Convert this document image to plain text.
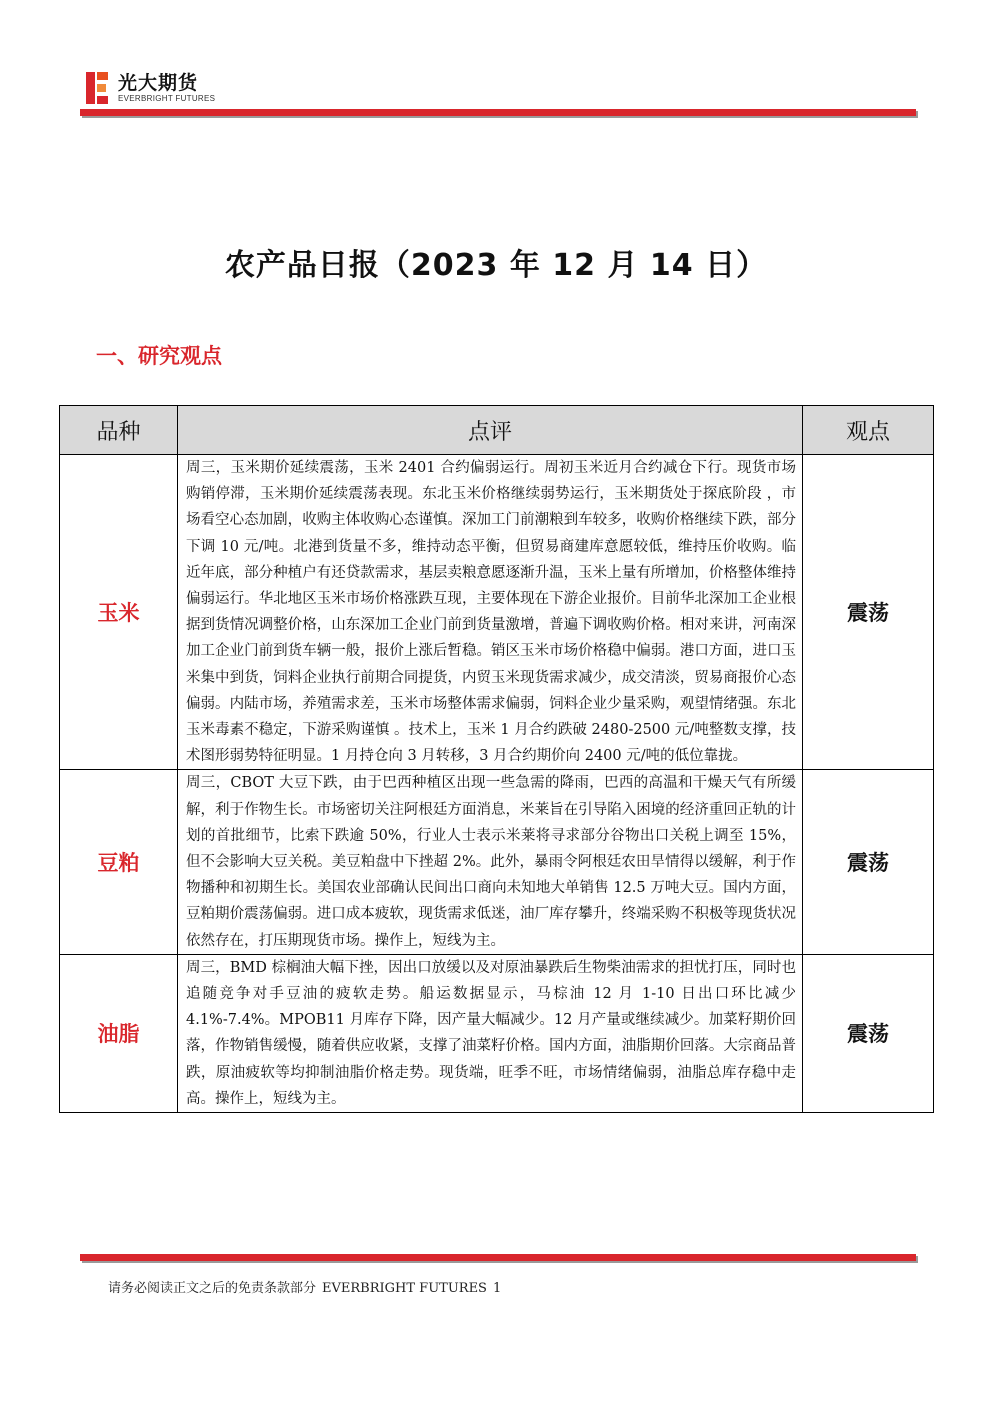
光大期货
EVERBRIGHT FUTURES
农产品日报（2023 年 12 月 14 日）
一、研究观点
品种	点评	观点
玉米	周三，玉米期价延续震荡，玉米 2401 合约偏弱运行。周初玉米近月合约减仓下行。现货市场购销停滞，玉米期价延续震荡表现。东北玉米价格继续弱势运行，玉米期货处于探底阶段 ，市场看空心态加剧，收购主体收购心态谨慎。深加工门前潮粮到车较多，收购价格继续下跌，部分下调 10 元/吨。北港到货量不多，维持动态平衡，但贸易商建库意愿较低，维持压价收购。临近年底，部分种植户有还贷款需求，基层卖粮意愿逐渐升温，玉米上量有所增加，价格整体维持偏弱运行。华北地区玉米市场价格涨跌互现，主要体现在下游企业报价。目前华北深加工企业根据到货情况调整价格，山东深加工企业门前到货量激增，普遍下调收购价格。相对来讲，河南深加工企业门前到货车辆一般，报价上涨后暂稳。销区玉米市场价格稳中偏弱。港口方面，进口玉米集中到货，饲料企业执行前期合同提货，内贸玉米现货需求减少，成交清淡，贸易商报价心态偏弱。内陆市场，养殖需求差，玉米市场整体需求偏弱，饲料企业少量采购，观望情绪强。东北玉米毒素不稳定，下游采购谨慎 。技术上，玉米 1 月合约跌破 2480-2500 元/吨整数支撑，技术图形弱势特征明显。1 月持仓向 3 月转移，3 月合约期价向 2400 元/吨的低位靠拢。	震荡
豆粕	周三，CBOT 大豆下跌，由于巴西种植区出现一些急需的降雨，巴西的高温和干燥天气有所缓解，利于作物生长。市场密切关注阿根廷方面消息，米莱旨在引导陷入困境的经济重回正轨的计划的首批细节，比索下跌逾 50%，行业人士表示米莱将寻求部分谷物出口关税上调至 15%，但不会影响大豆关税。美豆粕盘中下挫超 2%。此外，暴雨令阿根廷农田旱情得以缓解，利于作物播种和初期生长。美国农业部确认民间出口商向未知地大单销售 12.5 万吨大豆。国内方面，豆粕期价震荡偏弱。进口成本疲软，现货需求低迷，油厂库存攀升，终端采购不积极等现货状况依然存在，打压期现货市场。操作上，短线为主。	震荡
油脂	周三，BMD 棕榈油大幅下挫，因出口放缓以及对原油暴跌后生物柴油需求的担忧打压，同时也追随竞争对手豆油的疲软走势。船运数据显示，马棕油 12 月 1-10 日出口环比减少 4.1%-7.4%。MPOB11 月库存下降，因产量大幅减少。12 月产量或继续减少。加菜籽期价回落，作物销售缓慢，随着供应收紧，支撑了油菜籽价格。国内方面，油脂期价回落。大宗商品普跌，原油疲软等均抑制油脂价格走势。现货端，旺季不旺，市场情绪偏弱，油脂总库存稳中走高。操作上，短线为主。	震荡
请务必阅读正文之后的免责条款部分 EVERBRIGHT FUTURES 1
